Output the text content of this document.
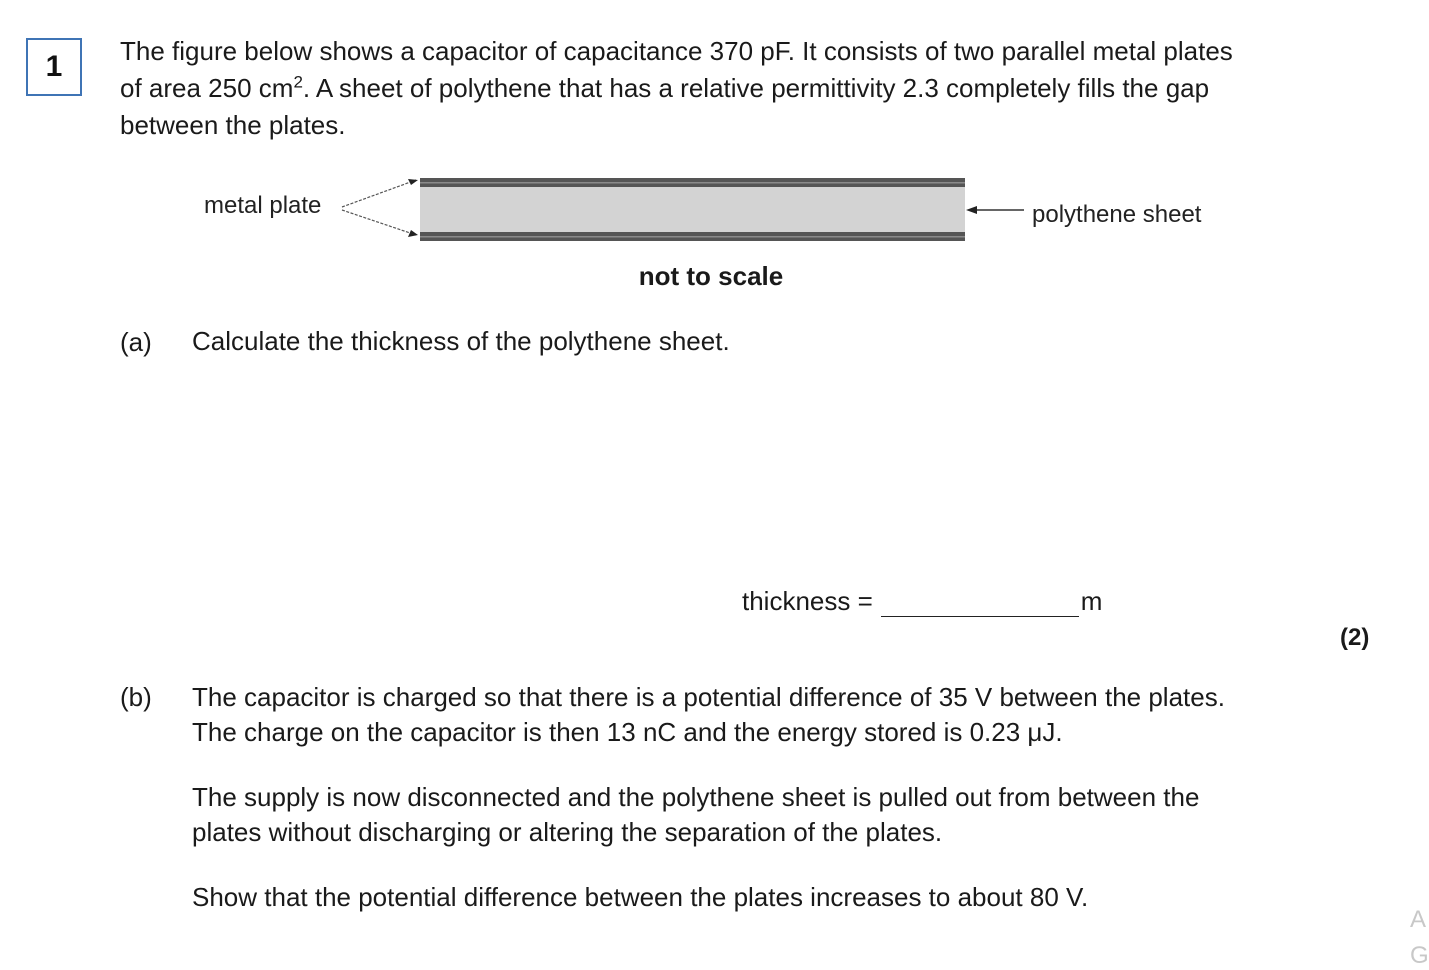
1	The figure below shows a capacitor of capacitance 370 pF. It consists of two parallel metal plates
of area 250 $cm^2$. A sheet of polythene that has a relative permittivity 2.3 completely fills the gap
between the plates.

metal plate	polythene sheet
not to scale
(a) Calculate the thickness of the polythene sheet.

thickness =	m
(2)
(b) The capacitor is charged so that there is a potential difference of 35 V between the plates.
The charge on the capacitor is then 13 nC and the energy stored is 0.23 μJ.

The supply is now disconnected and the polythene sheet is pulled out from between the
plates without discharging or altering the separation of the plates.

Show that the potential difference between the plates increases to about 80 V.

A
G
